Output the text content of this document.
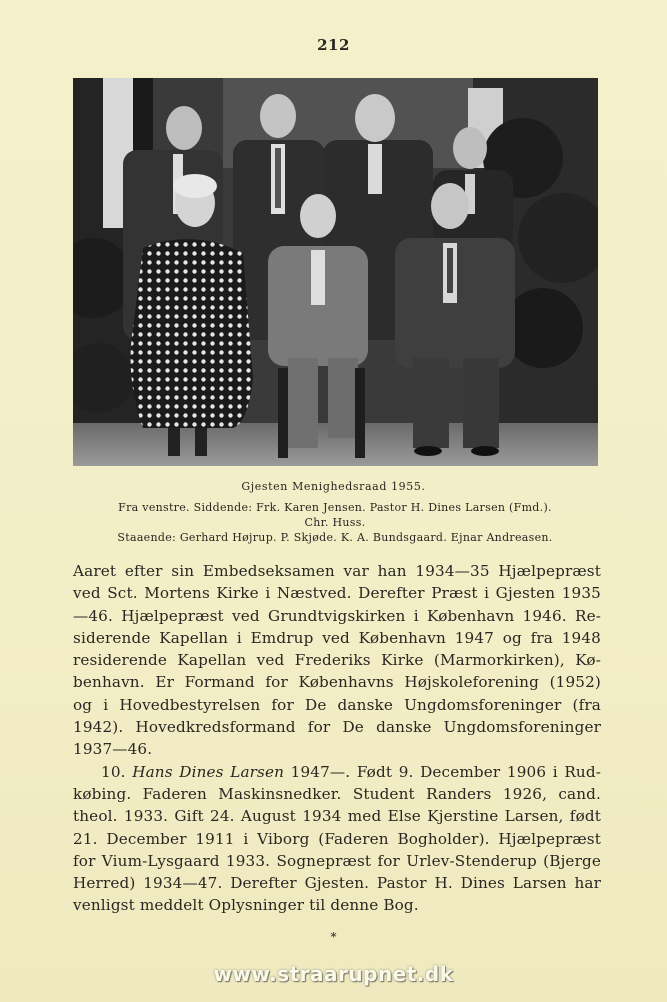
212
Gjesten Menighedsraad 1955.
Fra venstre. Siddende: Frk. Karen Jensen. Pastor H. Dines Larsen (Fmd.).
Chr. Huss.
Staaende: Gerhard Højrup. P. Skjøde. K. A. Bundsgaard. Ejnar Andreasen.
Aaret efter sin Embedseksamen var han 1934—35 Hjælpepræst
ved Sct. Mortens Kirke i Næstved. Derefter Præst i Gjesten 1935
—46. Hjælpepræst ved Grundtvigskirken i København 1946. Re-
siderende Kapellan i Emdrup ved København 1947 og fra 1948
residerende Kapellan ved Frederiks Kirke (Marmorkirken), Kø-
benhavn. Er Formand for Københavns Højskoleforening (1952)
og i Hovedbestyrelsen for De danske Ungdomsforeninger (fra
1942). Hovedkredsformand for De danske Ungdomsforeninger
1937—46.
10. Hans Dines Larsen 1947—. Født 9. December 1906 i Rud-
købing. Faderen Maskinsnedker. Student Randers 1926, cand.
theol. 1933. Gift 24. August 1934 med Else Kjerstine Larsen, født
21. December 1911 i Viborg (Faderen Bogholder). Hjælpepræst
for Vium-Lysgaard 1933. Sognepræst for Urlev-Stenderup (Bjerge
Herred) 1934—47. Derefter Gjesten. Pastor H. Dines Larsen har
venligst meddelt Oplysninger til denne Bog.
*
www.straarupnet.dk
